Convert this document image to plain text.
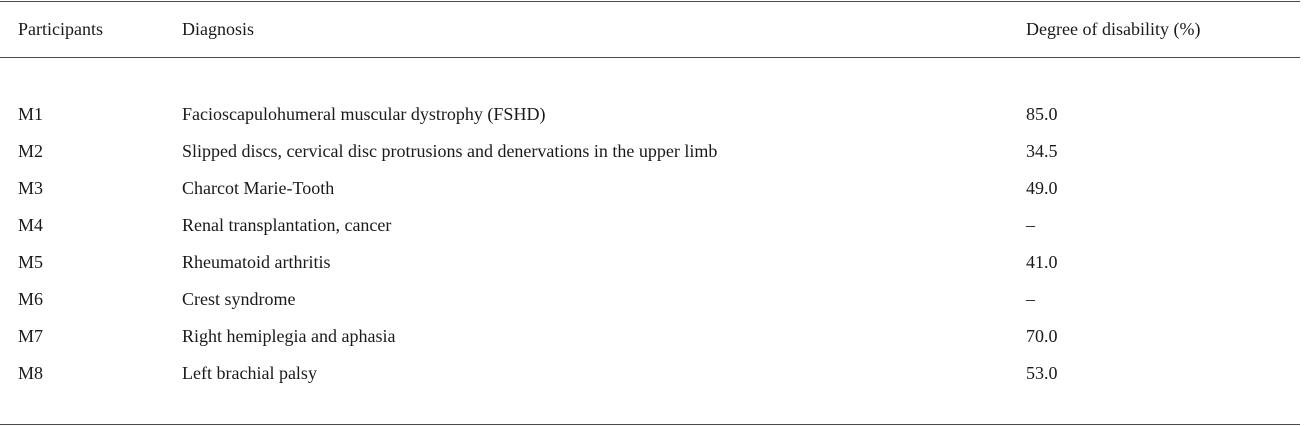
Participants	Diagnosis	Degree of disability (%)

M1	Facioscapulohumeral muscular dystrophy (FSHD)	85.0
M2	Slipped discs, cervical disc protrusions and denervations in the upper limb	34.5
M3	Charcot Marie-Tooth	49.0
M4	Renal transplantation, cancer	–
M5	Rheumatoid arthritis	41.0
M6	Crest syndrome	–
M7	Right hemiplegia and aphasia	70.0
M8	Left brachial palsy	53.0
